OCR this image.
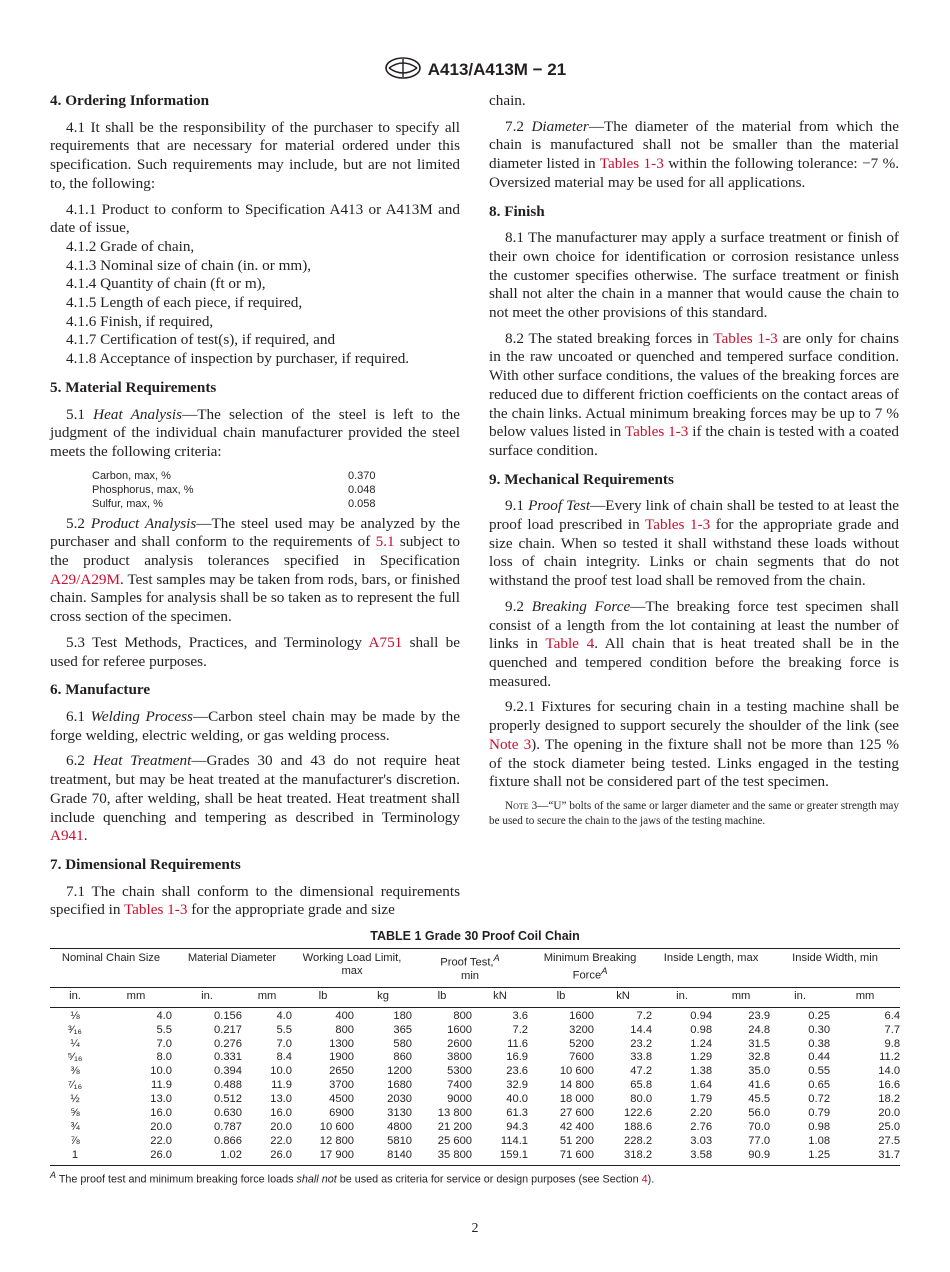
A413/A413M − 21
4. Ordering Information

4.1 It shall be the responsibility of the purchaser to specify all requirements that are necessary for material ordered under this specification. Such requirements may include, but are not limited to, the following:

4.1.1 Product to conform to Specification A413 or A413M and date of issue,

4.1.2 Grade of chain,

4.1.3 Nominal size of chain (in. or mm),

4.1.4 Quantity of chain (ft or m),

4.1.5 Length of each piece, if required,

4.1.6 Finish, if required,

4.1.7 Certification of test(s), if required, and

4.1.8 Acceptance of inspection by purchaser, if required.

5. Material Requirements

5.1 Heat Analysis—The selection of the steel is left to the judgment of the individual chain manufacturer provided the steel meets the following criteria:

Carbon, max, %	0.370
Phosphorus, max, %	0.048
Sulfur, max, %	0.058

5.2 Product Analysis—The steel used may be analyzed by the purchaser and shall conform to the requirements of 5.1 subject to the product analysis tolerances specified in Specification A29/A29M. Test samples may be taken from rods, bars, or finished chain. Samples for analysis shall be so taken as to represent the full cross section of the specimen.

5.3 Test Methods, Practices, and Terminology A751 shall be used for referee purposes.

6. Manufacture

6.1 Welding Process—Carbon steel chain may be made by the forge welding, electric welding, or gas welding process.

6.2 Heat Treatment—Grades 30 and 43 do not require heat treatment, but may be heat treated at the manufacturer's discretion. Grade 70, after welding, shall be heat treated. Heat treatment shall include quenching and tempering as described in Terminology A941.

7. Dimensional Requirements

7.1 The chain shall conform to the dimensional requirements specified in Tables 1-3 for the appropriate grade and size

chain.

7.2 Diameter—The diameter of the material from which the chain is manufactured shall not be smaller than the material diameter listed in Tables 1-3 within the following tolerance: −7 %. Oversized material may be used for all applications.

8. Finish

8.1 The manufacturer may apply a surface treatment or finish of their own choice for identification or corrosion resistance unless the customer specifies otherwise. The surface treatment or finish shall not alter the chain in a manner that would cause the chain to not meet the other provisions of this standard.

8.2 The stated breaking forces in Tables 1-3 are only for chains in the raw uncoated or quenched and tempered surface condition. With other surface conditions, the values of the breaking forces are reduced due to different friction coefficients on the contact areas of the chain links. Actual minimum breaking forces may be up to 7 % below values listed in Tables 1-3 if the chain is tested with a coated surface condition.

9. Mechanical Requirements

9.1 Proof Test—Every link of chain shall be tested to at least the proof load prescribed in Tables 1-3 for the appropriate grade and size chain. When so tested it shall withstand these loads without loss of chain integrity. Links or chain segments that do not withstand the proof test load shall be removed from the chain.

9.2 Breaking Force—The breaking force test specimen shall consist of a length from the lot containing at least the number of links in Table 4. All chain that is heat treated shall be in the quenched and tempered condition before the breaking force is measured.

9.2.1 Fixtures for securing chain in a testing machine shall be properly designed to support securely the shoulder of the link (see Note 3). The opening in the fixture shall not be more than 125 % of the stock diameter being tested. Links engaged in the testing fixture shall not be considered part of the test specimen.

Note 3—“U” bolts of the same or larger diameter and the same or greater strength may be used to secure the chain to the jaws of the testing machine.

TABLE 1 Grade 30 Proof Coil Chain
Nominal Chain Size		Material Diameter		Working Load Limit, max		Proof Test,$^A$
min		Minimum Breaking Force$^A$		Inside Length, max		Inside Width, min	
in.	mm	in.	mm	lb	kg	lb	kN	lb	kN	in.	mm	in.	mm
⅛	4.0	0.156	4.0	400	180	800	3.6	1600	7.2	0.94	23.9	0.25	6.4
³⁄₁₆	5.5	0.217	5.5	800	365	1600	7.2	3200	14.4	0.98	24.8	0.30	7.7
¼	7.0	0.276	7.0	1300	580	2600	11.6	5200	23.2	1.24	31.5	0.38	9.8
⁵⁄₁₆	8.0	0.331	8.4	1900	860	3800	16.9	7600	33.8	1.29	32.8	0.44	11.2
⅜	10.0	0.394	10.0	2650	1200	5300	23.6	10 600	47.2	1.38	35.0	0.55	14.0
⁷⁄₁₆	11.9	0.488	11.9	3700	1680	7400	32.9	14 800	65.8	1.64	41.6	0.65	16.6
½	13.0	0.512	13.0	4500	2030	9000	40.0	18 000	80.0	1.79	45.5	0.72	18.2
⅝	16.0	0.630	16.0	6900	3130	13 800	61.3	27 600	122.6	2.20	56.0	0.79	20.0
¾	20.0	0.787	20.0	10 600	4800	21 200	94.3	42 400	188.6	2.76	70.0	0.98	25.0
⅞	22.0	0.866	22.0	12 800	5810	25 600	114.1	51 200	228.2	3.03	77.0	1.08	27.5
1	26.0	1.02	26.0	17 900	8140	35 800	159.1	71 600	318.2	3.58	90.9	1.25	31.7
$^A$ The proof test and minimum breaking force loads shall not be used as criteria for service or design purposes (see Section 4).
2
